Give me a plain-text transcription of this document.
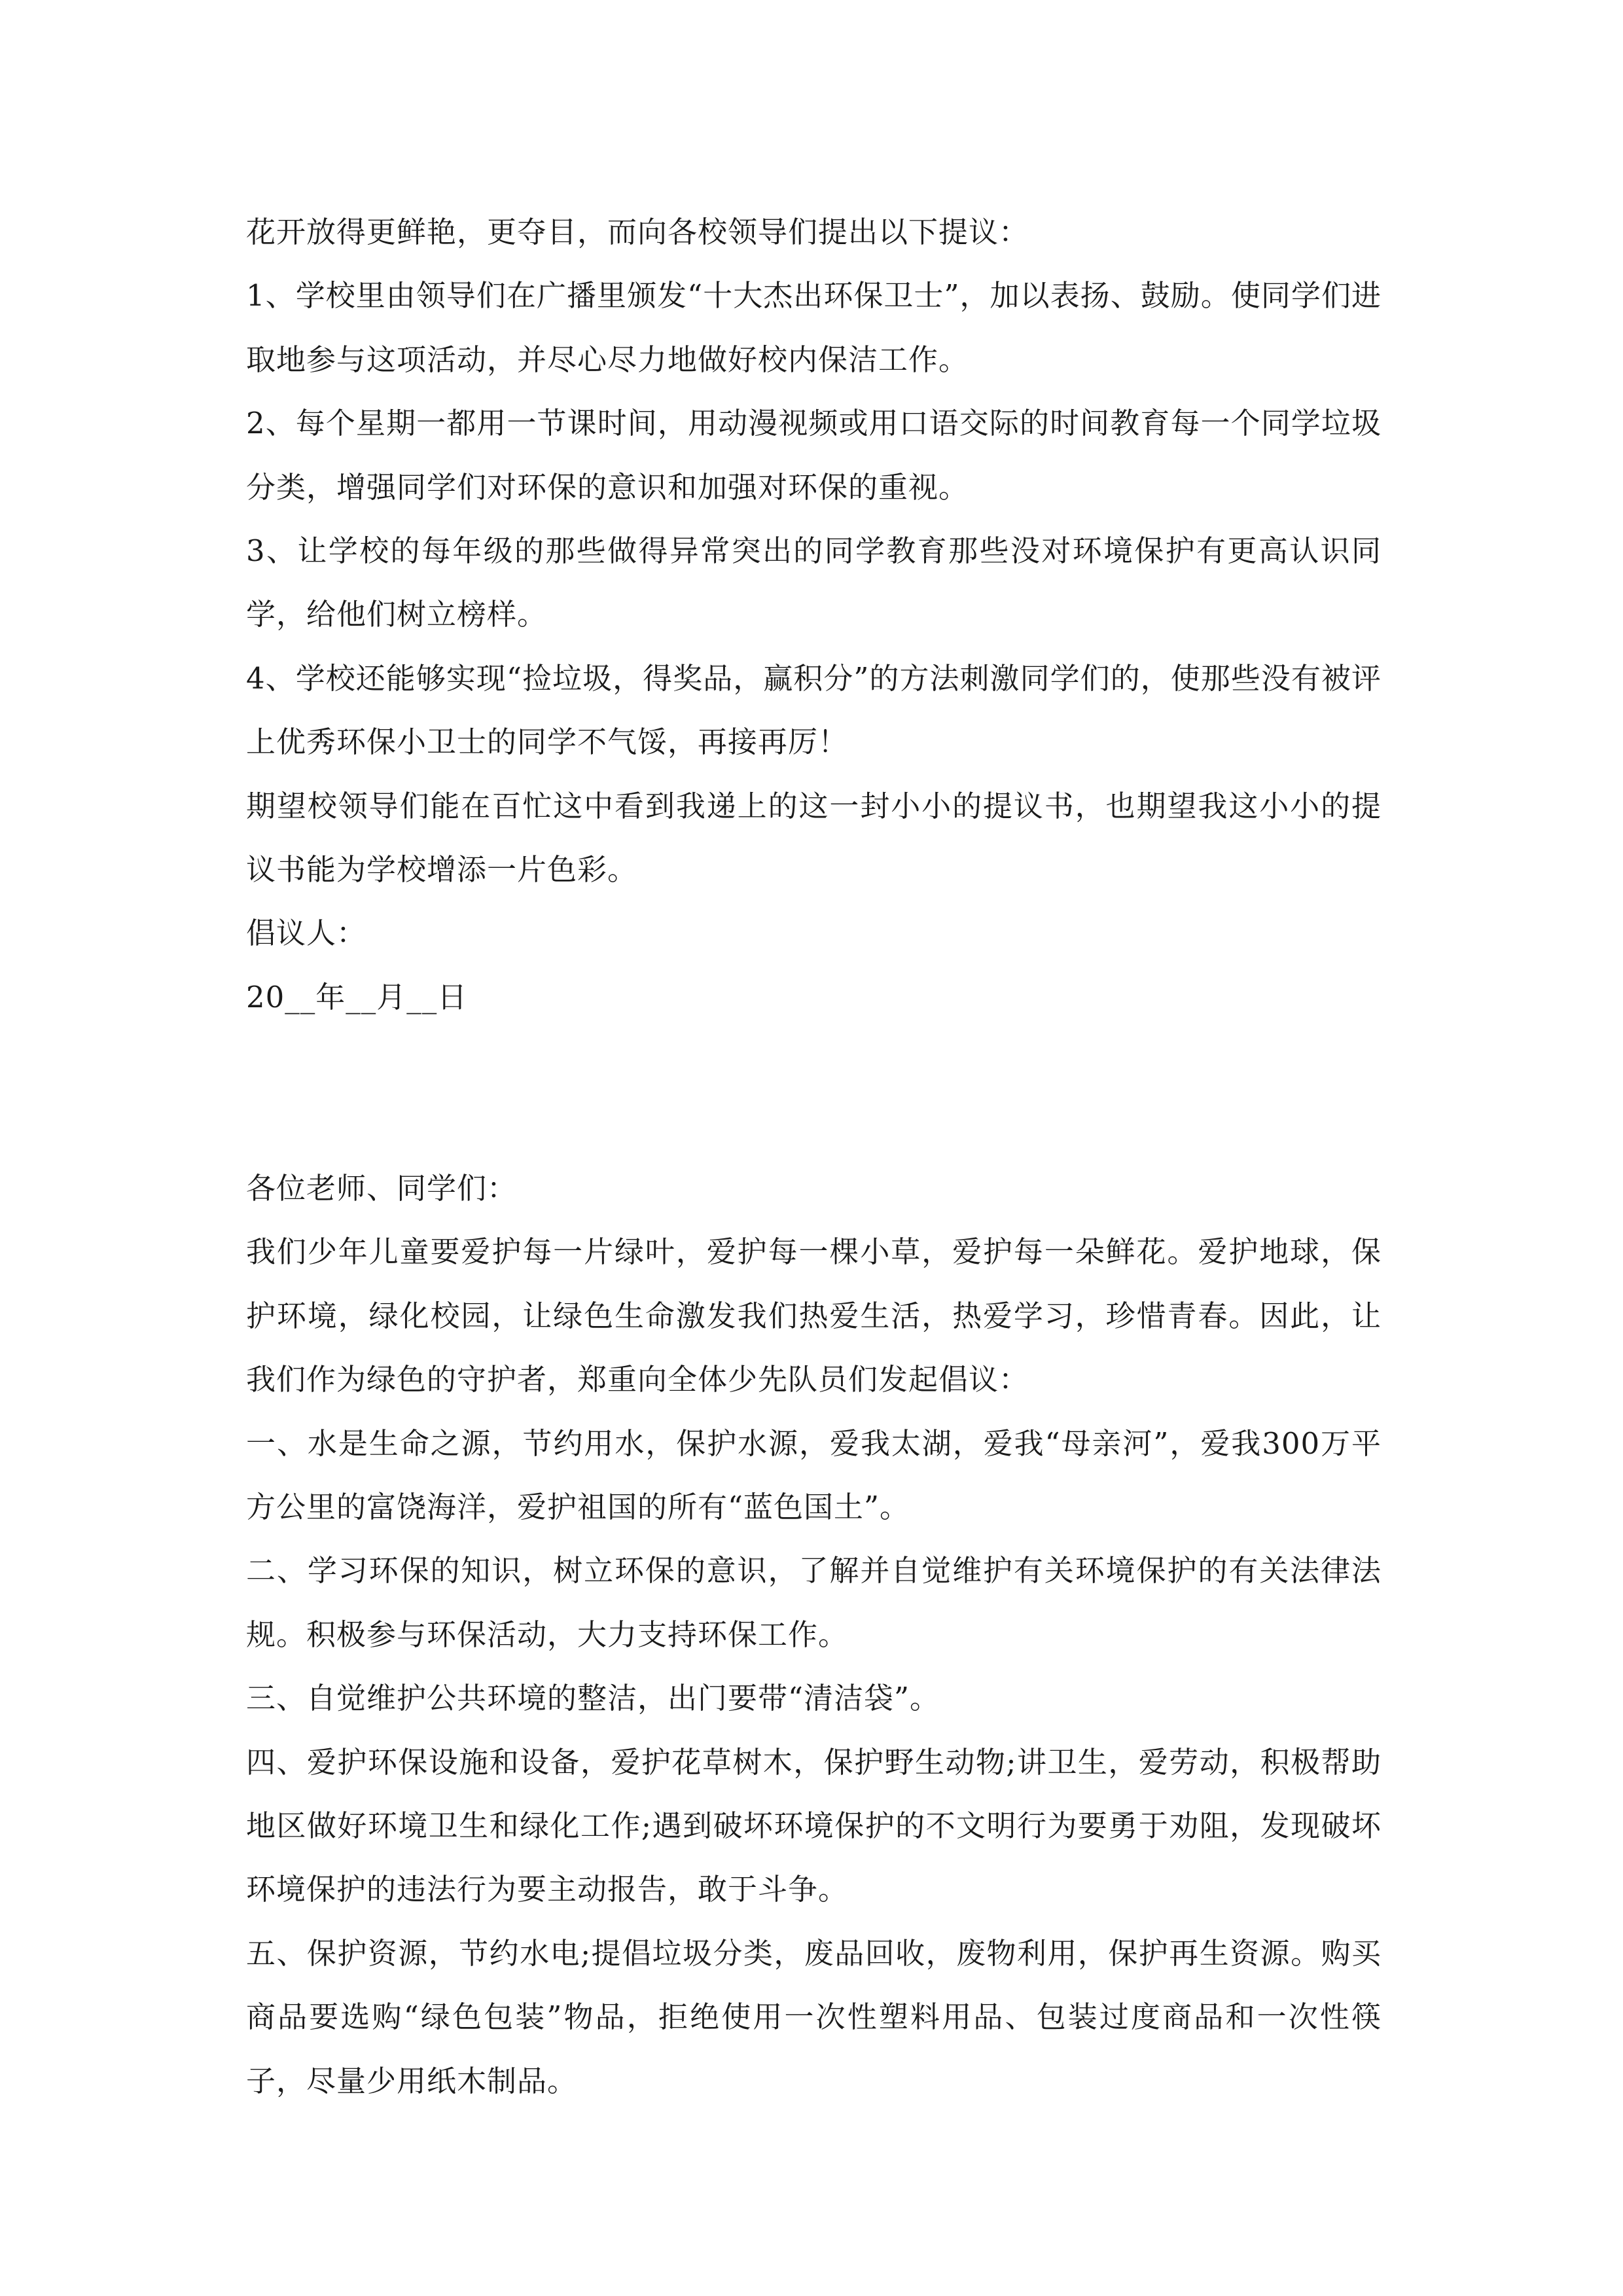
花开放得更鲜艳，更夺目，而向各校领导们提出以下提议：

1、学校里由领导们在广播里颁发“十大杰出环保卫士”，加以表扬、鼓励。使同学们进取地参与这项活动，并尽心尽力地做好校内保洁工作。

2、每个星期一都用一节课时间，用动漫视频或用口语交际的时间教育每一个同学垃圾分类，增强同学们对环保的意识和加强对环保的重视。

3、让学校的每年级的那些做得异常突出的同学教育那些没对环境保护有更高认识同学，给他们树立榜样。

4、学校还能够实现“捡垃圾，得奖品，赢积分”的方法刺激同学们的，使那些没有被评上优秀环保小卫士的同学不气馁，再接再厉！

期望校领导们能在百忙这中看到我递上的这一封小小的提议书，也期望我这小小的提议书能为学校增添一片色彩。

倡议人：

20__年__月__日

各位老师、同学们：

我们少年儿童要爱护每一片绿叶，爱护每一棵小草，爱护每一朵鲜花。爱护地球，保护环境，绿化校园，让绿色生命激发我们热爱生活，热爱学习，珍惜青春。因此，让我们作为绿色的守护者，郑重向全体少先队员们发起倡议：

一、水是生命之源，节约用水，保护水源，爱我太湖，爱我“母亲河”，爱我300万平方公里的富饶海洋，爱护祖国的所有“蓝色国土”。

二、学习环保的知识，树立环保的意识，了解并自觉维护有关环境保护的有关法律法规。积极参与环保活动，大力支持环保工作。

三、自觉维护公共环境的整洁，出门要带“清洁袋”。

四、爱护环保设施和设备，爱护花草树木，保护野生动物;讲卫生，爱劳动，积极帮助地区做好环境卫生和绿化工作;遇到破坏环境保护的不文明行为要勇于劝阻，发现破坏环境保护的违法行为要主动报告，敢于斗争。

五、保护资源，节约水电;提倡垃圾分类，废品回收，废物利用，保护再生资源。购买商品要选购“绿色包装”物品，拒绝使用一次性塑料用品、包装过度商品和一次性筷子，尽量少用纸木制品。
